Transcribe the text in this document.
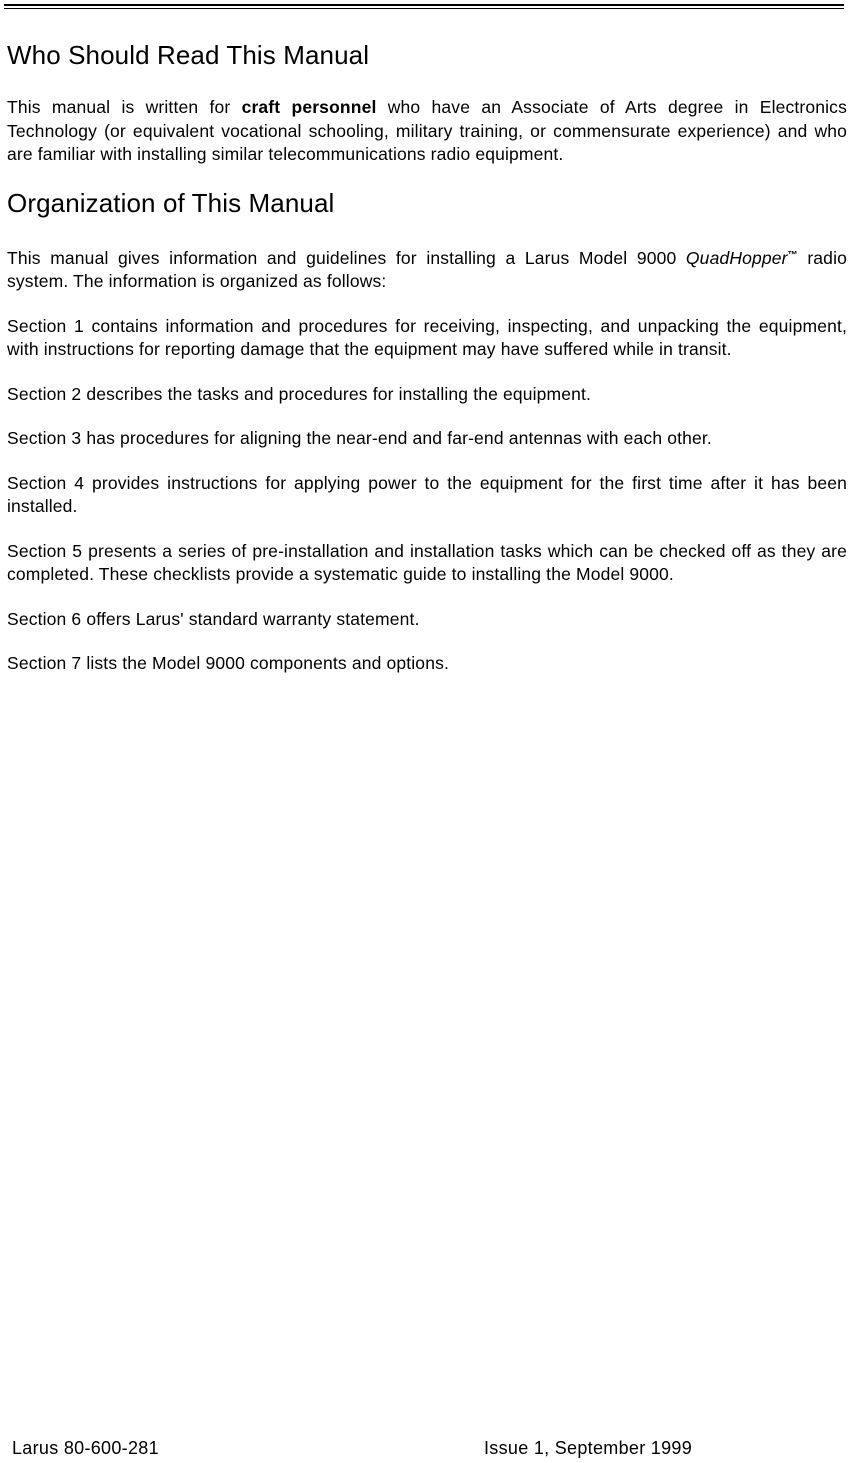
Who Should Read This Manual

This manual is written for craft personnel who have an Associate of Arts degree in Electronics Technology (or equivalent vocational schooling, military training, or commensurate experience) and who are familiar with installing similar telecommunications radio equipment.

Organization of This Manual

This manual gives information and guidelines for installing a Larus Model 9000 QuadHopper™ radio system. The information is organized as follows:

Section 1 contains information and procedures for receiving, inspecting, and unpacking the equipment, with instructions for reporting damage that the equipment may have suffered while in transit.

Section 2 describes the tasks and procedures for installing the equipment.

Section 3 has procedures for aligning the near-end and far-end antennas with each other.

Section 4 provides instructions for applying power to the equipment for the first time after it has been installed.

Section 5 presents a series of pre-installation and installation tasks which can be checked off as they are completed. These checklists provide a systematic guide to installing the Model 9000.

Section 6 offers Larus' standard warranty statement.

Section 7 lists the Model 9000 components and options.

Larus 80-600-281	Issue 1, September 1999
